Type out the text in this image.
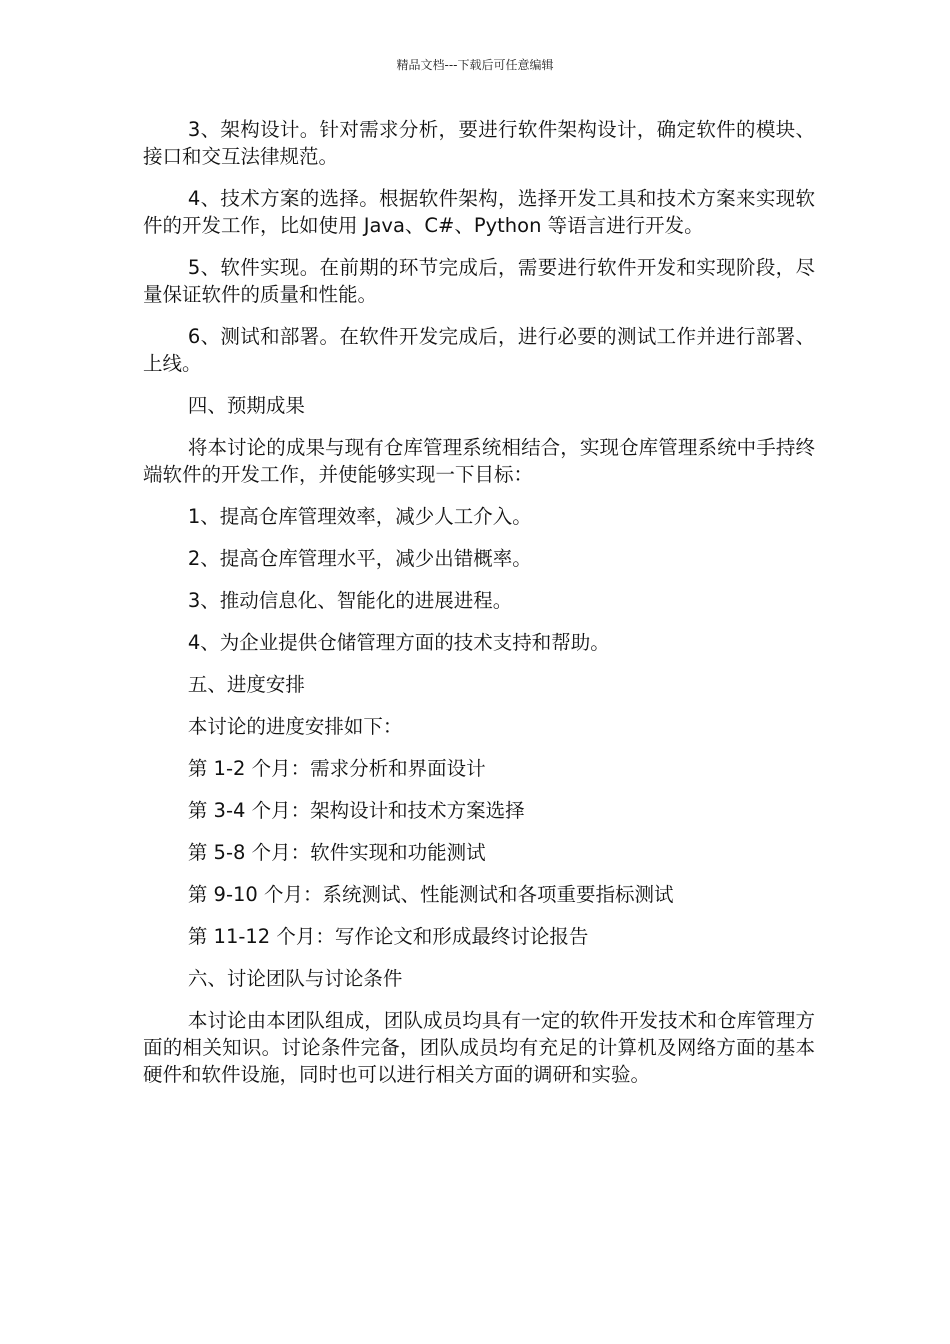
精品文档---下载后可任意编辑

3、架构设计。针对需求分析，要进行软件架构设计，确定软件的模块、接口和交互法律规范。

4、技术方案的选择。根据软件架构，选择开发工具和技术方案来实现软件的开发工作，比如使用 Java、C#、Python 等语言进行开发。

5、软件实现。在前期的环节完成后，需要进行软件开发和实现阶段，尽量保证软件的质量和性能。

6、测试和部署。在软件开发完成后，进行必要的测试工作并进行部署、上线。

四、预期成果

将本讨论的成果与现有仓库管理系统相结合，实现仓库管理系统中手持终端软件的开发工作，并使能够实现一下目标：

1、提高仓库管理效率，减少人工介入。

2、提高仓库管理水平，减少出错概率。

3、推动信息化、智能化的进展进程。

4、为企业提供仓储管理方面的技术支持和帮助。

五、进度安排

本讨论的进度安排如下：

第 1-2 个月：需求分析和界面设计

第 3-4 个月：架构设计和技术方案选择

第 5-8 个月：软件实现和功能测试

第 9-10 个月：系统测试、性能测试和各项重要指标测试

第 11-12 个月：写作论文和形成最终讨论报告

六、讨论团队与讨论条件

本讨论由本团队组成，团队成员均具有一定的软件开发技术和仓库管理方面的相关知识。讨论条件完备，团队成员均有充足的计算机及网络方面的基本硬件和软件设施，同时也可以进行相关方面的调研和实验。
